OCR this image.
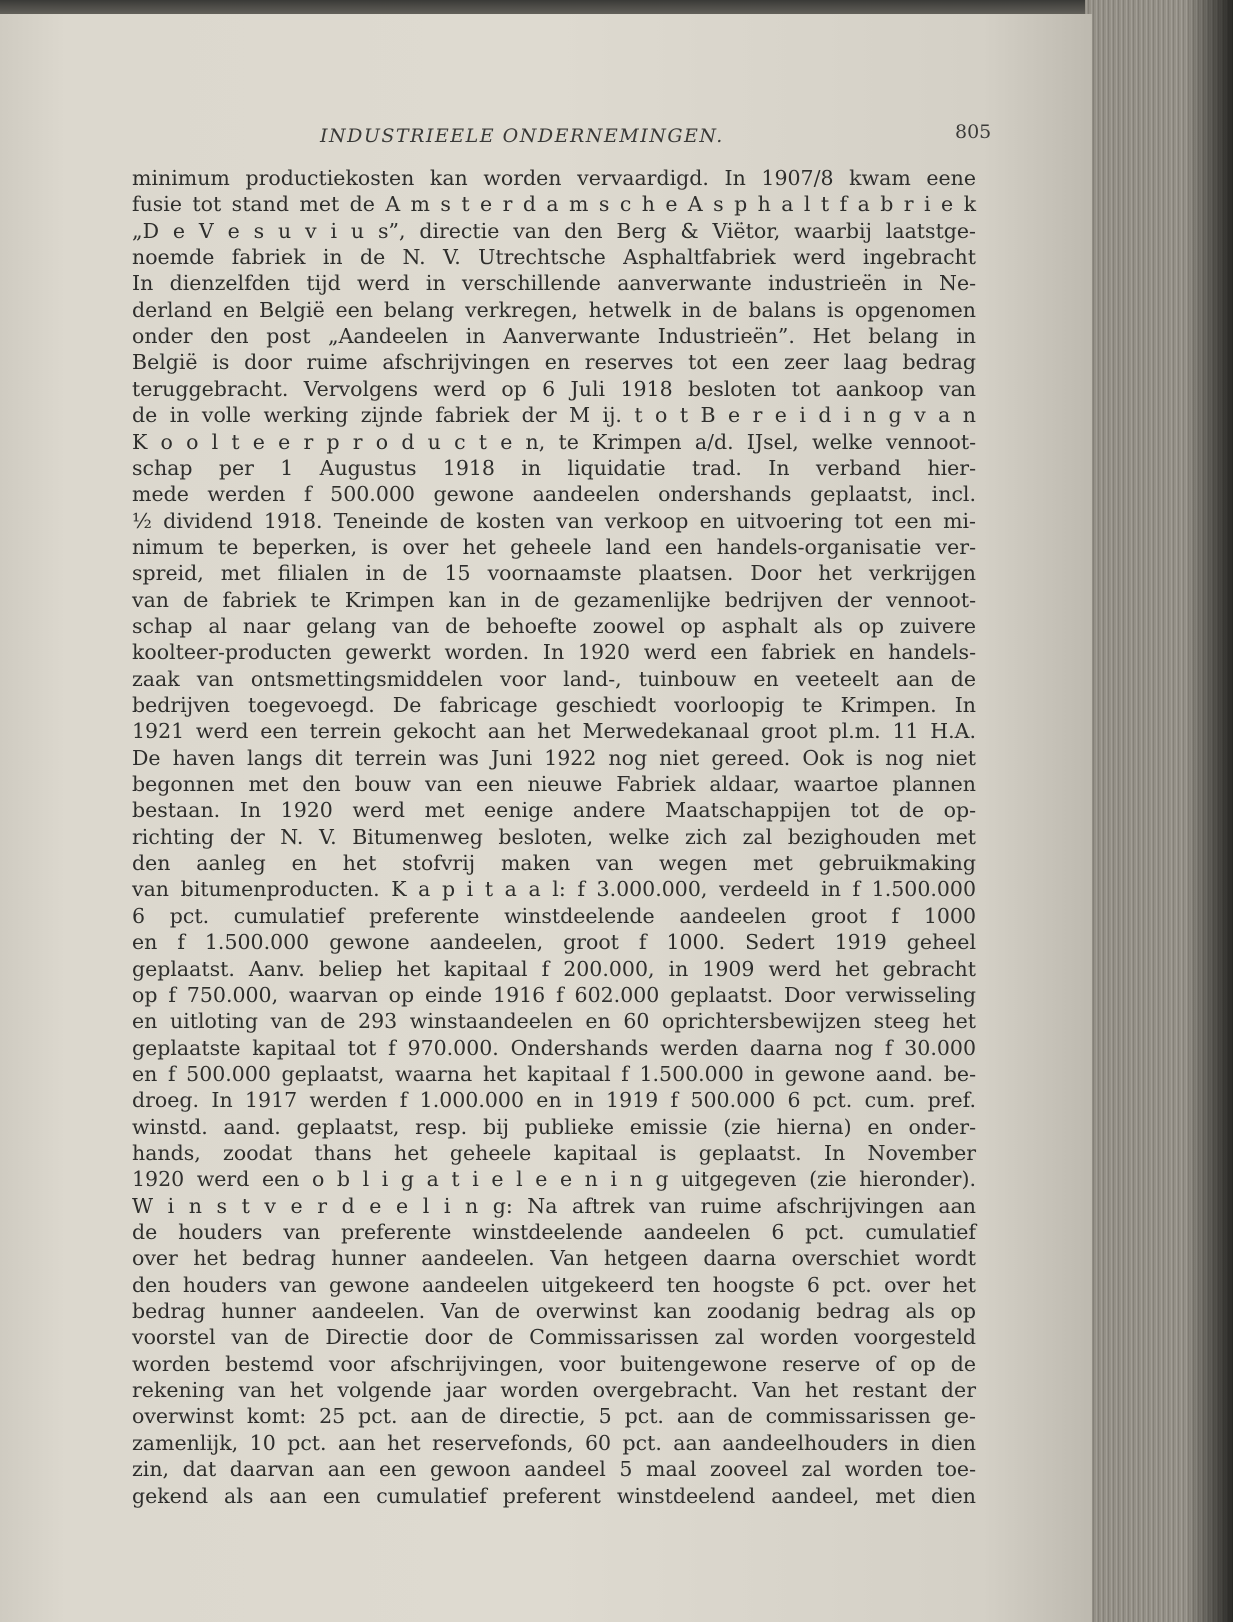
INDUSTRIEELE ONDERNEMINGEN.	805
minimum productiekosten kan worden vervaardigd. In 1907/8 kwam eene
fusie tot stand met de A m s t e r d a m s c h e A s p h a l t f a b r i e k
„D e V e s u v i u s”, directie van den Berg & Viëtor, waarbij laatstge-
noemde fabriek in de N. V. Utrechtsche Asphaltfabriek werd ingebracht
In dienzelfden tijd werd in verschillende aanverwante industrieën in Ne-
derland en België een belang verkregen, hetwelk in de balans is opgenomen
onder den post „Aandeelen in Aanverwante Industrieën”. Het belang in
België is door ruime afschrijvingen en reserves tot een zeer laag bedrag
teruggebracht. Vervolgens werd op 6 Juli 1918 besloten tot aankoop van
de in volle werking zijnde fabriek der M ij. t o t B e r e i d i n g v a n
K o o l t e e r p r o d u c t e n, te Krimpen a/d. IJsel, welke vennoot-
schap per 1 Augustus 1918 in liquidatie trad. In verband hier-
mede werden f 500.000 gewone aandeelen ondershands geplaatst, incl.
½ dividend 1918. Teneinde de kosten van verkoop en uitvoering tot een mi-
nimum te beperken, is over het geheele land een handels-organisatie ver-
spreid, met filialen in de 15 voornaamste plaatsen. Door het verkrijgen
van de fabriek te Krimpen kan in de gezamenlijke bedrijven der vennoot-
schap al naar gelang van de behoefte zoowel op asphalt als op zuivere
koolteer-producten gewerkt worden. In 1920 werd een fabriek en handels-
zaak van ontsmettingsmiddelen voor land-, tuinbouw en veeteelt aan de
bedrijven toegevoegd. De fabricage geschiedt voorloopig te Krimpen. In
1921 werd een terrein gekocht aan het Merwedekanaal groot pl.m. 11 H.A.
De haven langs dit terrein was Juni 1922 nog niet gereed. Ook is nog niet
begonnen met den bouw van een nieuwe Fabriek aldaar, waartoe plannen
bestaan. In 1920 werd met eenige andere Maatschappijen tot de op-
richting der N. V. Bitumenweg besloten, welke zich zal bezighouden met
den aanleg en het stofvrij maken van wegen met gebruikmaking
van bitumenproducten. K a p i t a a l: f 3.000.000, verdeeld in f 1.500.000
6 pct. cumulatief preferente winstdeelende aandeelen groot f 1000
en f 1.500.000 gewone aandeelen, groot f 1000. Sedert 1919 geheel
geplaatst. Aanv. beliep het kapitaal f 200.000, in 1909 werd het gebracht
op f 750.000, waarvan op einde 1916 f 602.000 geplaatst. Door verwisseling
en uitloting van de 293 winstaandeelen en 60 oprichtersbewijzen steeg het
geplaatste kapitaal tot f 970.000. Ondershands werden daarna nog f 30.000
en f 500.000 geplaatst, waarna het kapitaal f 1.500.000 in gewone aand. be-
droeg. In 1917 werden f 1.000.000 en in 1919 f 500.000 6 pct. cum. pref.
winstd. aand. geplaatst, resp. bij publieke emissie (zie hierna) en onder-
hands, zoodat thans het geheele kapitaal is geplaatst. In November
1920 werd een o b l i g a t i e l e e n i n g uitgegeven (zie hieronder).
W i n s t v e r d e e l i n g: Na aftrek van ruime afschrijvingen aan
de houders van preferente winstdeelende aandeelen 6 pct. cumulatief
over het bedrag hunner aandeelen. Van hetgeen daarna overschiet wordt
den houders van gewone aandeelen uitgekeerd ten hoogste 6 pct. over het
bedrag hunner aandeelen. Van de overwinst kan zoodanig bedrag als op
voorstel van de Directie door de Commissarissen zal worden voorgesteld
worden bestemd voor afschrijvingen, voor buitengewone reserve of op de
rekening van het volgende jaar worden overgebracht. Van het restant der
overwinst komt: 25 pct. aan de directie, 5 pct. aan de commissarissen ge-
zamenlijk, 10 pct. aan het reservefonds, 60 pct. aan aandeelhouders in dien
zin, dat daarvan aan een gewoon aandeel 5 maal zooveel zal worden toe-
gekend als aan een cumulatief preferent winstdeelend aandeel, met dien
